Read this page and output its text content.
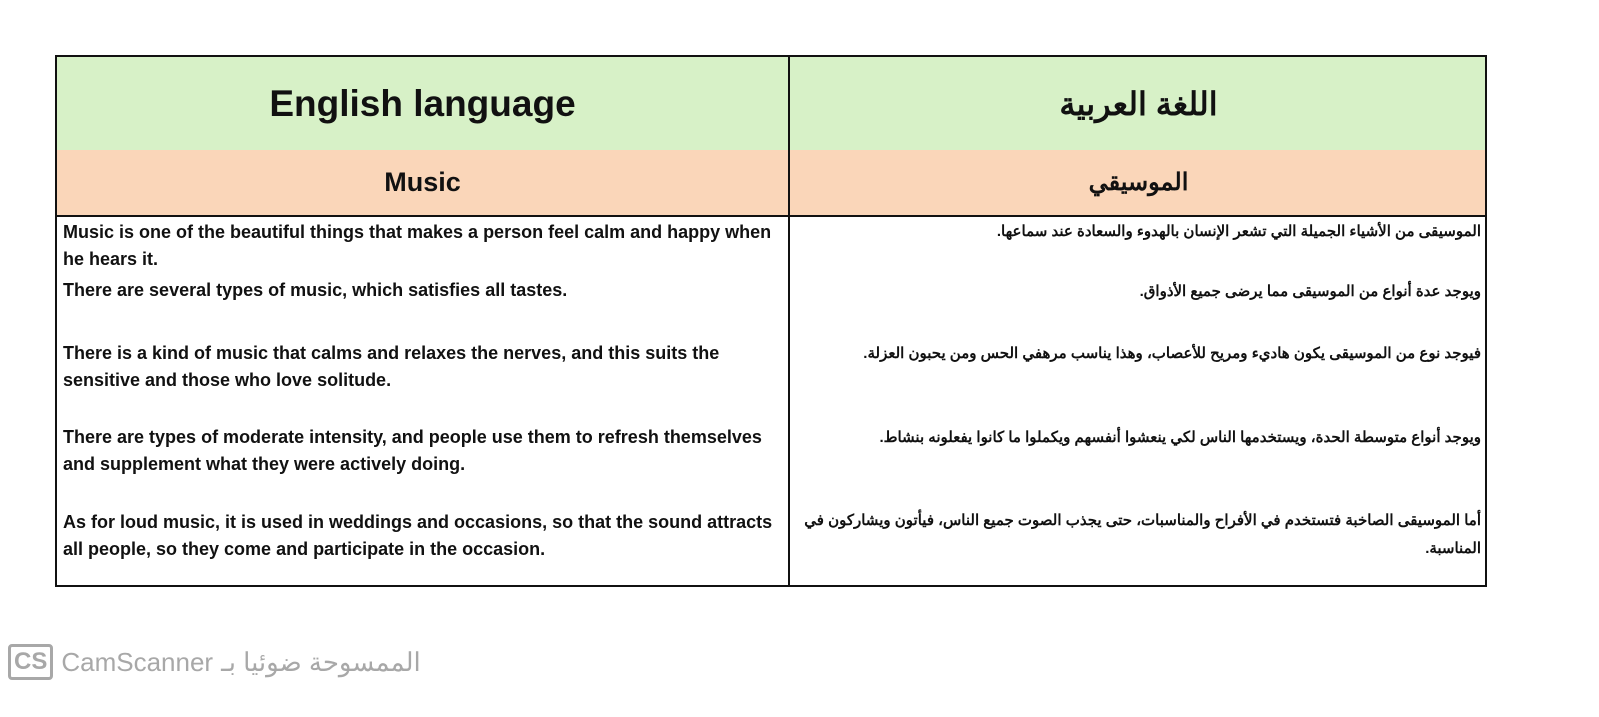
English language	اللغة العربية
Music	الموسيقي
Music is one of the beautiful things that makes a person feel calm and happy when he hears it.
There are several types of music, which satisfies all tastes.
There is a kind of music that calms and relaxes the nerves, and this suits the sensitive and those who love solitude.
There are types of moderate intensity, and people use them to refresh themselves and supplement what they were actively doing.
As for loud music, it is used in weddings and occasions, so that the sound attracts all people, so they come and participate in the occasion.
الموسيقى من الأشياء الجميلة التي تشعر الإنسان بالهدوء والسعادة عند سماعها.
ويوجد عدة أنواع من الموسيقى مما يرضى جميع الأذواق.
فيوجد نوع من الموسيقى يكون هاديء ومريح للأعصاب، وهذا يناسب مرهفي الحس ومن يحبون العزلة.
ويوجد أنواع متوسطة الحدة، ويستخدمها الناس لكي ينعشوا أنفسهم ويكملوا ما كانوا يفعلونه بنشاط.
أما الموسيقى الصاخبة فتستخدم في الأفراح والمناسبات، حتى يجذب الصوت جميع الناس، فيأتون ويشاركون في المناسبة.
CS CamScanner الممسوحة ضوئيا بـ
